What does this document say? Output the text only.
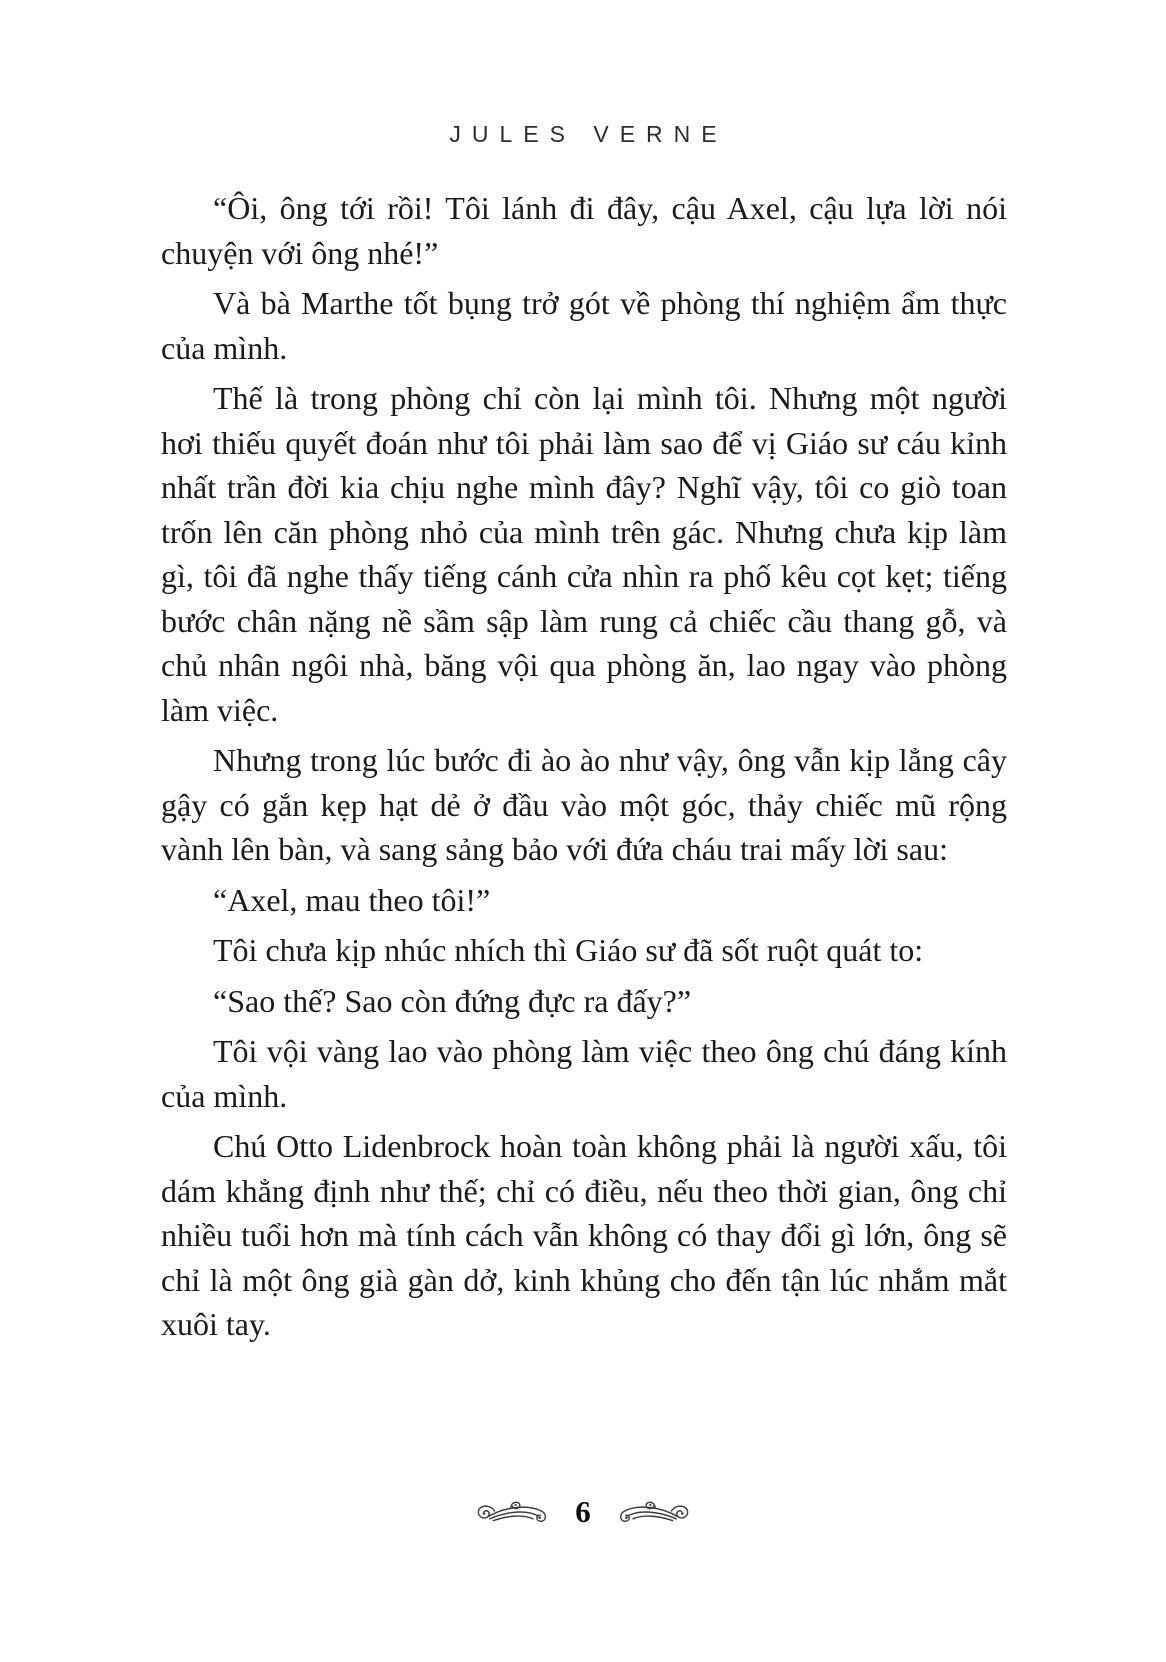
JULES VERNE

“Ôi, ông tới rồi! Tôi lánh đi đây, cậu Axel, cậu lựa lời nói chuyện với ông nhé!”

Và bà Marthe tốt bụng trở gót về phòng thí nghiệm ẩm thực của mình.

Thế là trong phòng chỉ còn lại mình tôi. Nhưng một người hơi thiếu quyết đoán như tôi phải làm sao để vị Giáo sư cáu kỉnh nhất trần đời kia chịu nghe mình đây? Nghĩ vậy, tôi co giò toan trốn lên căn phòng nhỏ của mình trên gác. Nhưng chưa kịp làm gì, tôi đã nghe thấy tiếng cánh cửa nhìn ra phố kêu cọt kẹt; tiếng bước chân nặng nề sầm sập làm rung cả chiếc cầu thang gỗ, và chủ nhân ngôi nhà, băng vội qua phòng ăn, lao ngay vào phòng làm việc.

Nhưng trong lúc bước đi ào ào như vậy, ông vẫn kịp lẳng cây gậy có gắn kẹp hạt dẻ ở đầu vào một góc, thảy chiếc mũ rộng vành lên bàn, và sang sảng bảo với đứa cháu trai mấy lời sau:

“Axel, mau theo tôi!”

Tôi chưa kịp nhúc nhích thì Giáo sư đã sốt ruột quát to:

“Sao thế? Sao còn đứng đực ra đấy?”

Tôi vội vàng lao vào phòng làm việc theo ông chú đáng kính của mình.

Chú Otto Lidenbrock hoàn toàn không phải là người xấu, tôi dám khẳng định như thế; chỉ có điều, nếu theo thời gian, ông chỉ nhiều tuổi hơn mà tính cách vẫn không có thay đổi gì lớn, ông sẽ chỉ là một ông già gàn dở, kinh khủng cho đến tận lúc nhắm mắt xuôi tay.

6
